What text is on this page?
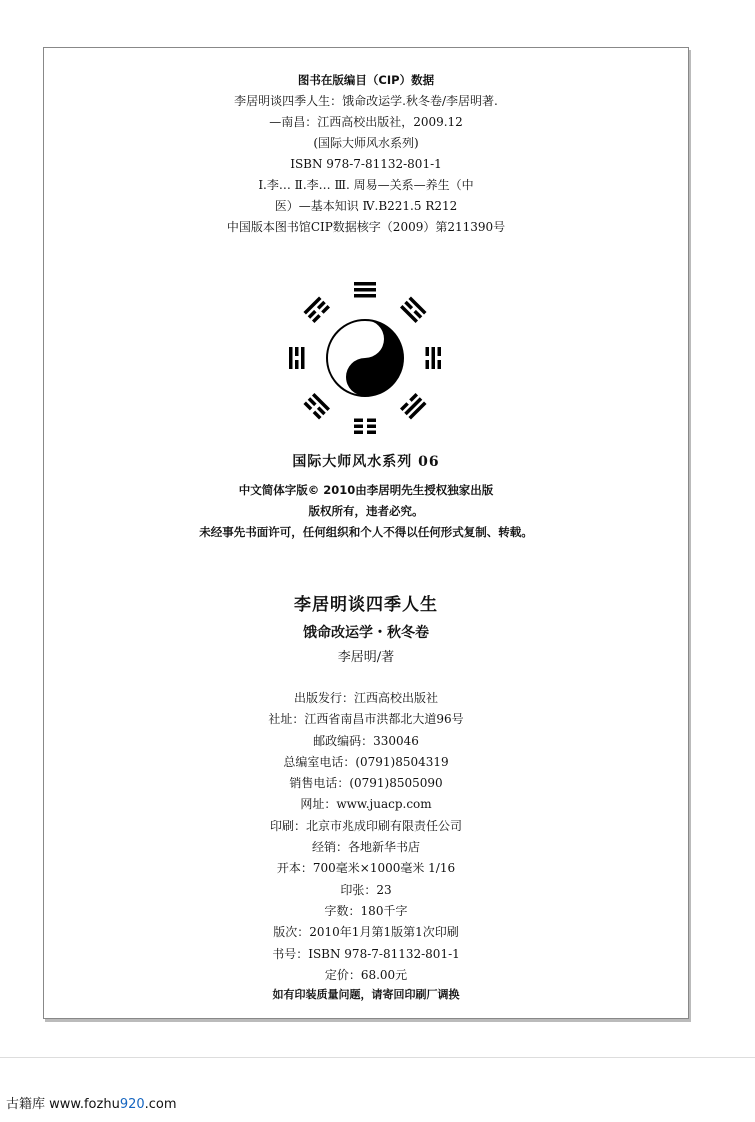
图书在版编目（CIP）数据
李居明谈四季人生：饿命改运学.秋冬卷/李居明著.
—南昌：江西高校出版社，2009.12
(国际大师风水系列)
ISBN 978-7-81132-801-1
Ⅰ.李… Ⅱ.李… Ⅲ. 周易—关系—养生（中
医）—基本知识 Ⅳ.B221.5 R212
中国版本图书馆CIP数据核字（2009）第211390号
国际大师风水系列 06
中文简体字版© 2010由李居明先生授权独家出版
版权所有，违者必究。
未经事先书面许可，任何组织和个人不得以任何形式复制、转载。
李居明谈四季人生
饿命改运学・秋冬卷
李居明/著
出版发行：江西高校出版社
社址：江西省南昌市洪都北大道96号
邮政编码：330046
总编室电话：(0791)8504319
销售电话：(0791)8505090
网址：www.juacp.com
印刷：北京市兆成印刷有限责任公司
经销：各地新华书店
开本：700毫米×1000毫米 1/16
印张：23
字数：180千字
版次：2010年1月第1版第1次印刷
书号：ISBN 978-7-81132-801-1
定价：68.00元
如有印装质量问题，请寄回印刷厂调换
古籍库 www.fozhu920.com
